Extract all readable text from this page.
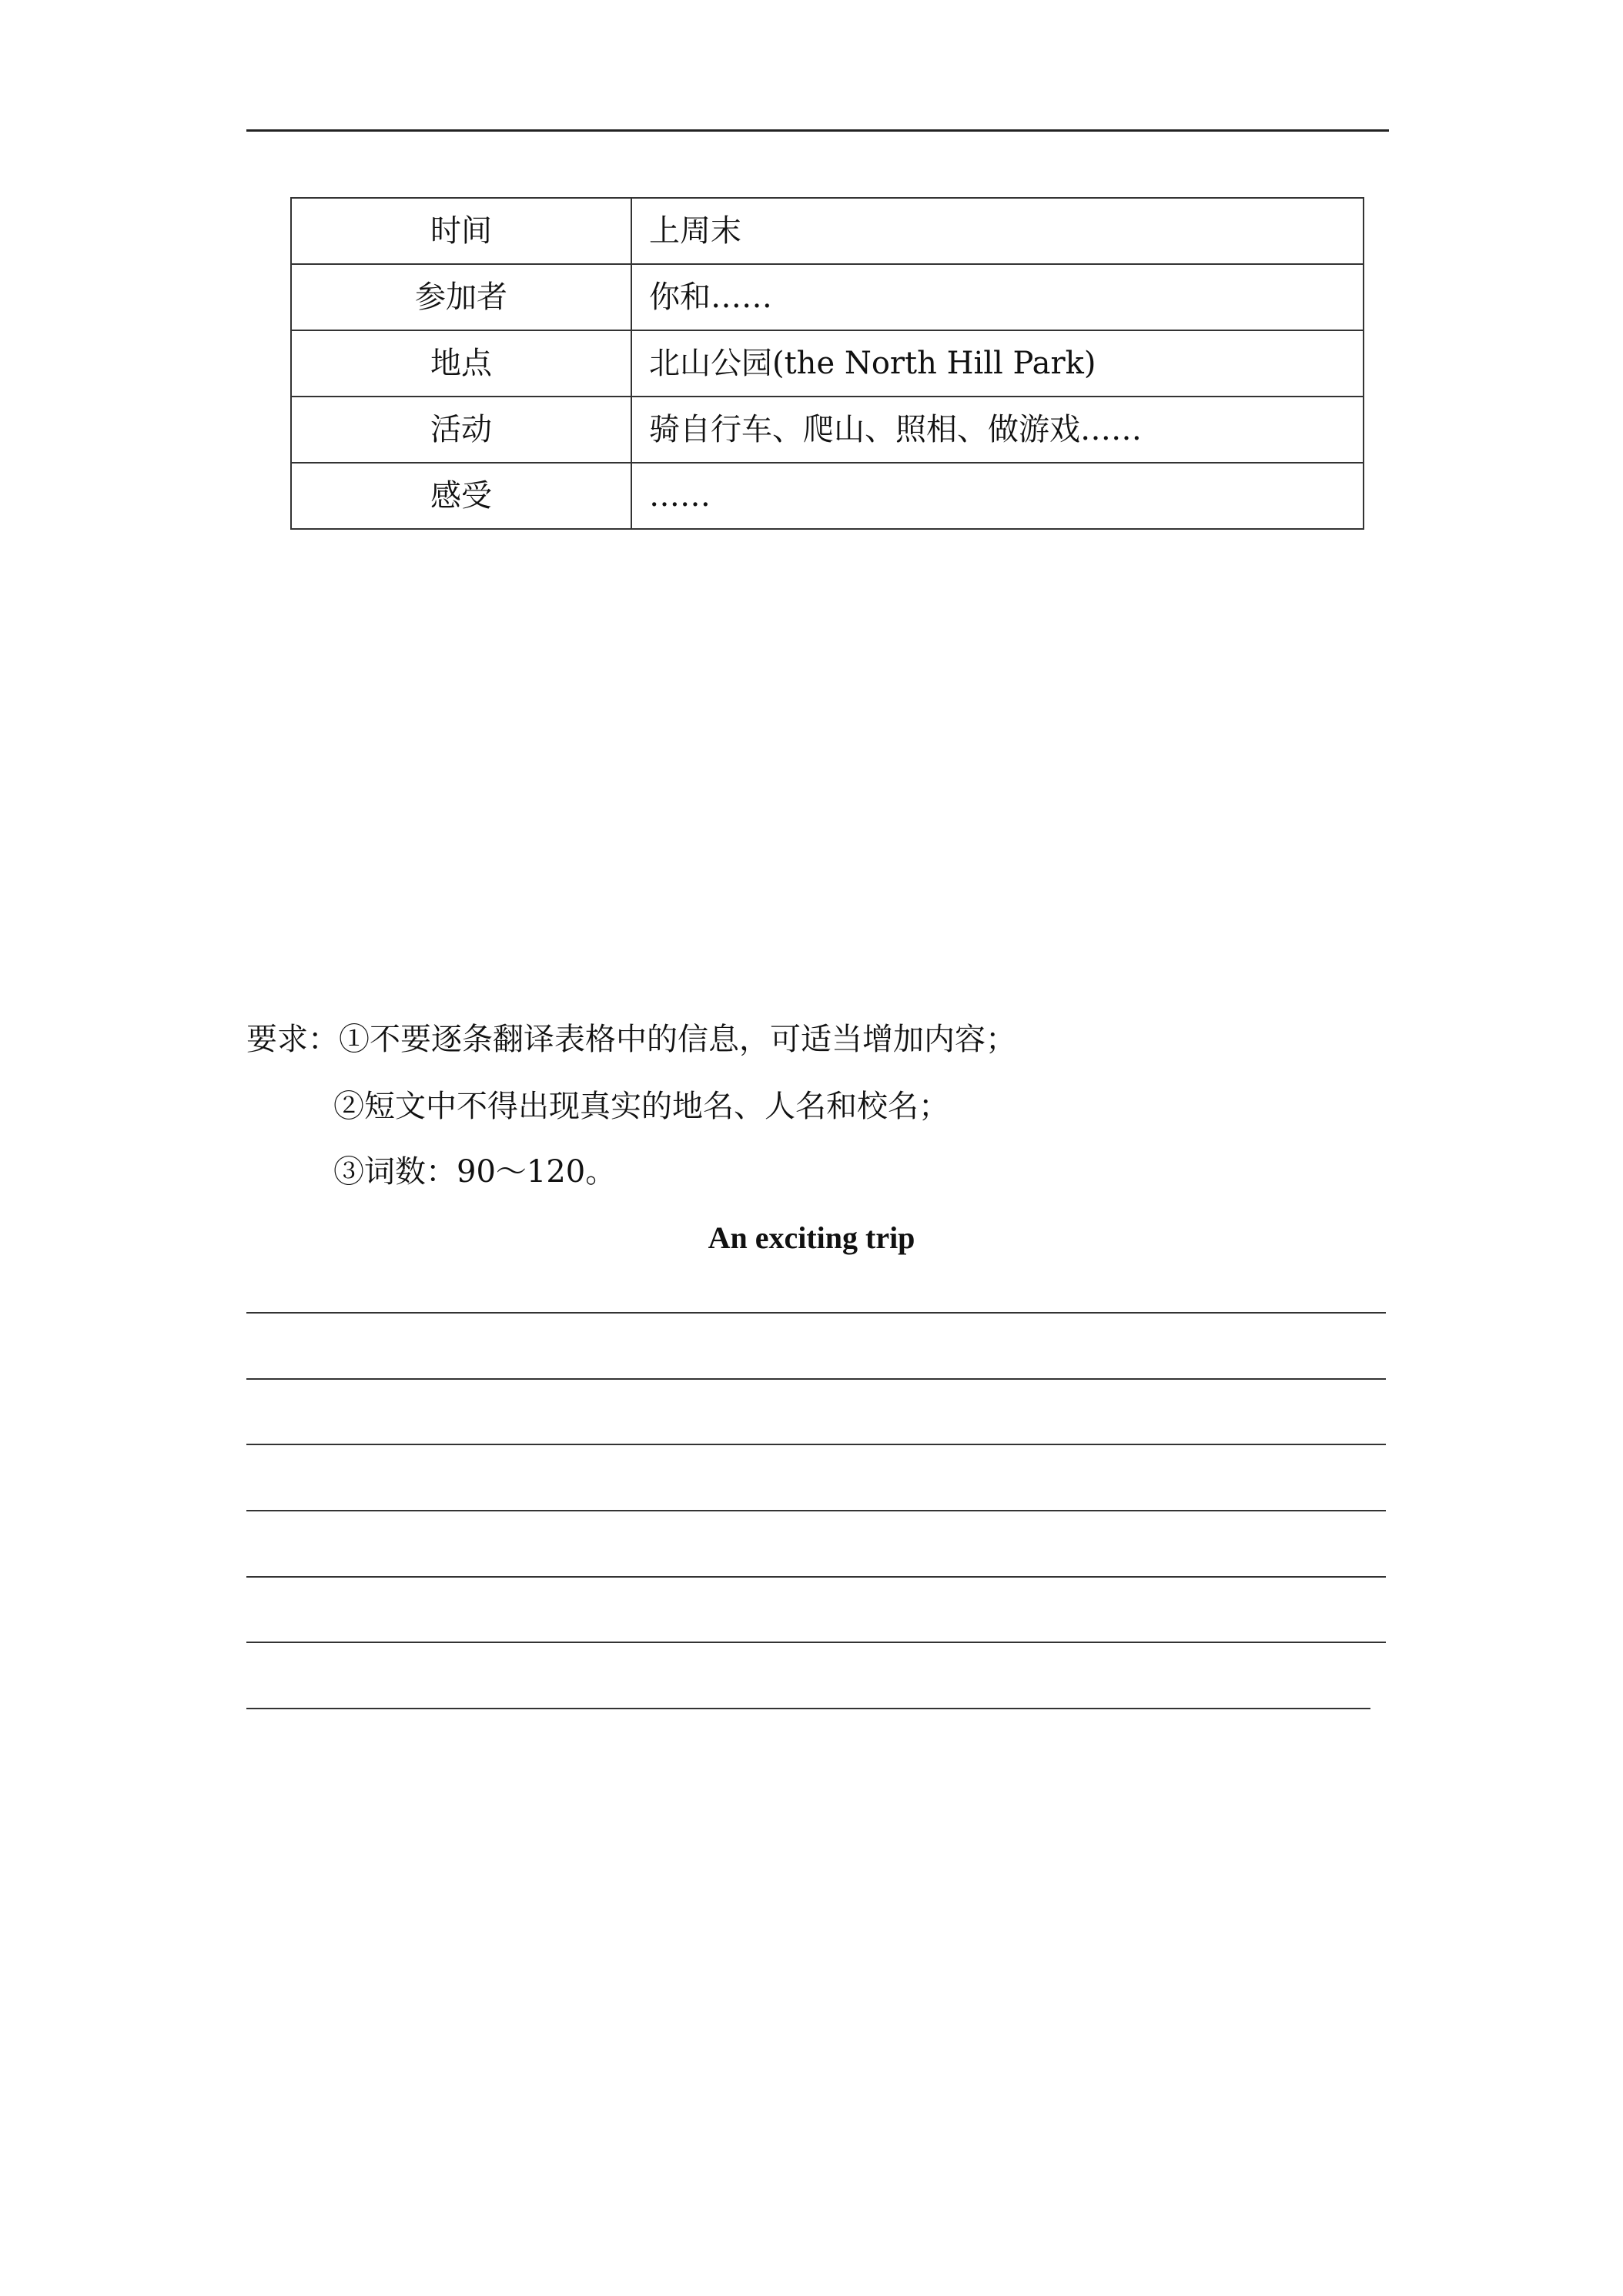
时间	上周末
参加者	你和……
地点	北山公园(the North Hill Park)
活动	骑自行车、爬山、照相、做游戏……
感受	……
要求：①不要逐条翻译表格中的信息，可适当增加内容；
②短文中不得出现真实的地名、人名和校名；
③词数：90～120。
An exciting trip
